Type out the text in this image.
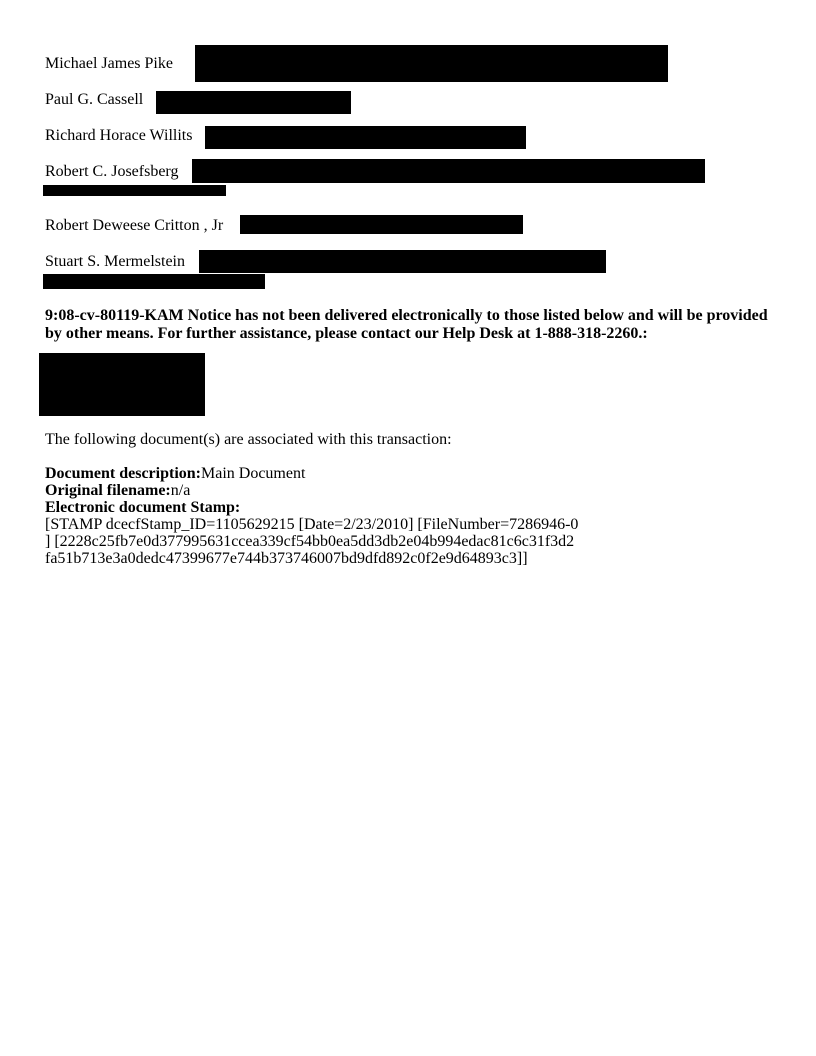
Michael James Pike
Paul G. Cassell
Richard Horace Willits
Robert C. Josefsberg
Robert Deweese Critton , Jr
Stuart S. Mermelstein
9:08-cv-80119-KAM Notice has not been delivered electronically to those listed below and will be provided by other means. For further assistance, please contact our Help Desk at 1-888-318-2260.:
The following document(s) are associated with this transaction:
Document description:Main Document
Original filename:n/a
Electronic document Stamp:
[STAMP dcecfStamp_ID=1105629215 [Date=2/23/2010] [FileNumber=7286946-0
] [2228c25fb7e0d377995631ccea339cf54bb0ea5dd3db2e04b994edac81c6c31f3d2
fa51b713e3a0dedc47399677e744b373746007bd9dfd892c0f2e9d64893c3]]
